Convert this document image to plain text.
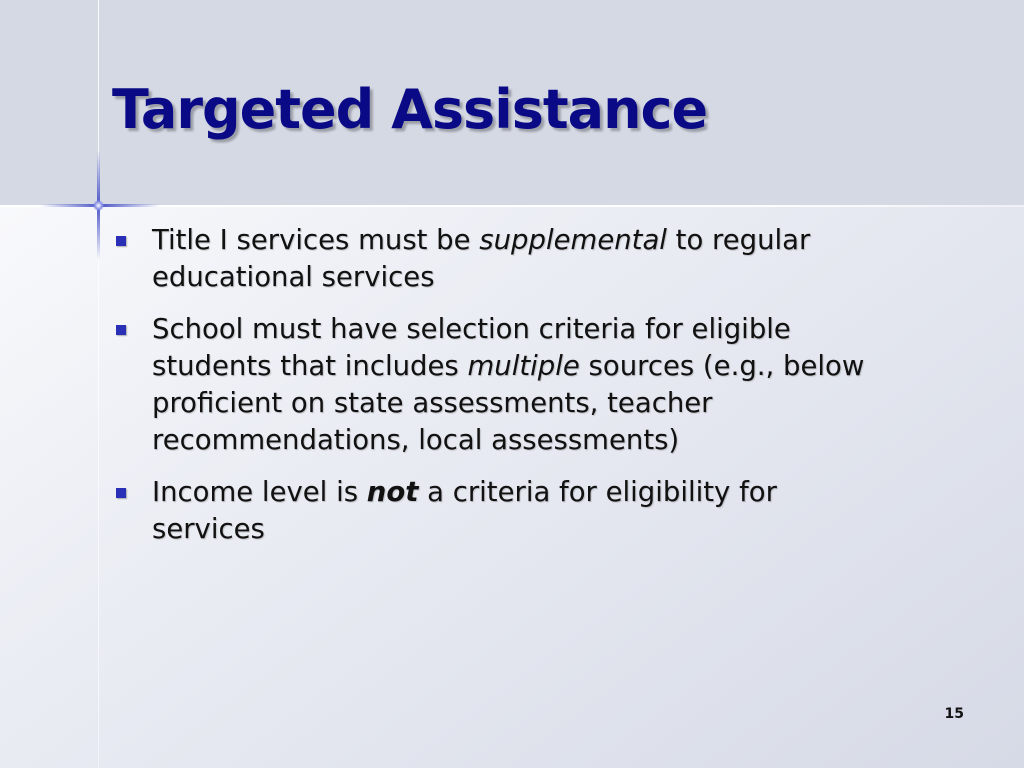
Targeted Assistance
Title I services must be supplemental to regular educational services
School must have selection criteria for eligible students that includes multiple sources (e.g., below proficient on state assessments, teacher recommendations, local assessments)
Income level is not a criteria for eligibility for services
15
